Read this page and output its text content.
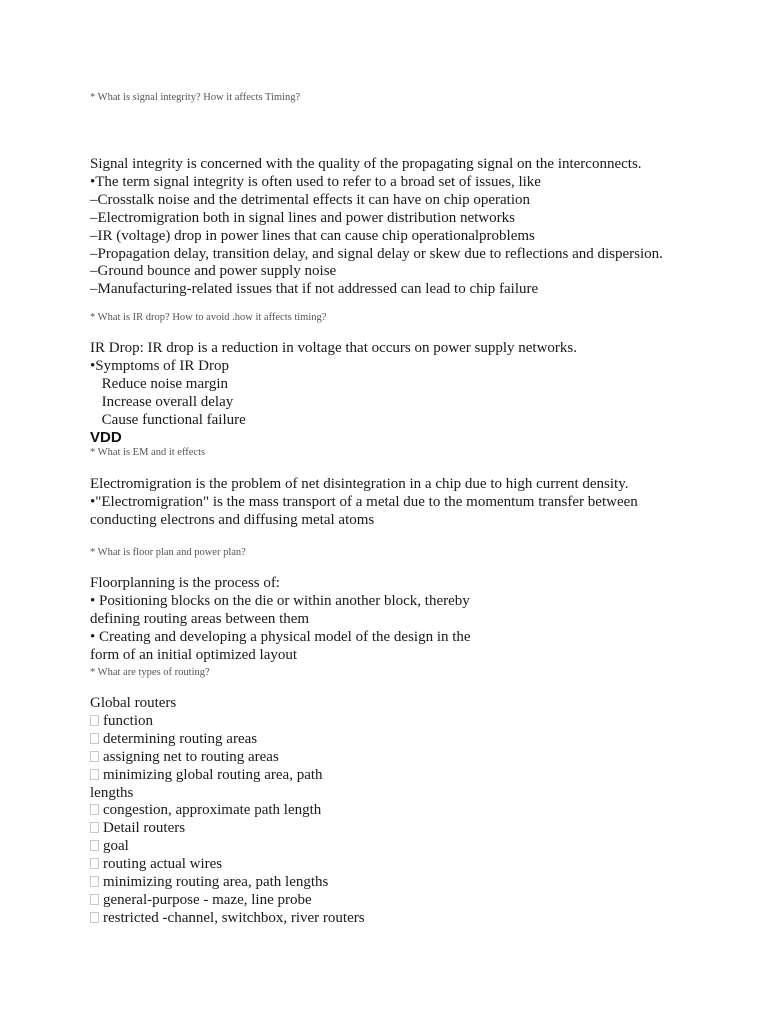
* What is signal integrity? How it affects Timing?
Signal integrity is concerned with the quality of the propagating signal on the interconnects.
•The term signal integrity is often used to refer to a broad set of issues, like
–Crosstalk noise and the detrimental effects it can have on chip operation
–Electromigration both in signal lines and power distribution networks
–IR (voltage) drop in power lines that can cause chip operationalproblems
–Propagation delay, transition delay, and signal delay or skew due to reflections and dispersion.
–Ground bounce and power supply noise
–Manufacturing-related issues that if not addressed can lead to chip failure
* What is IR drop? How to avoid .how it affects timing?
IR Drop: IR drop is a reduction in voltage that occurs on power supply networks.
•Symptoms of IR Drop
Reduce noise margin
Increase overall delay
Cause functional failure
VDD
* What is EM and it effects
Electromigration is the problem of net disintegration in a chip due to high current density.
•"Electromigration" is the mass transport of a metal due to the momentum transfer between
conducting electrons and diffusing metal atoms
* What is floor plan and power plan?
Floorplanning is the process of:
• Positioning blocks on the die or within another block, thereby
defining routing areas between them
• Creating and developing a physical model of the design in the
form of an initial optimized layout
* What are types of routing?
Global routers
function
determining routing areas
assigning net to routing areas
minimizing global routing area, path
lengths
congestion, approximate path length
Detail routers
goal
routing actual wires
minimizing routing area, path lengths
general-purpose - maze, line probe
restricted -channel, switchbox, river routers
